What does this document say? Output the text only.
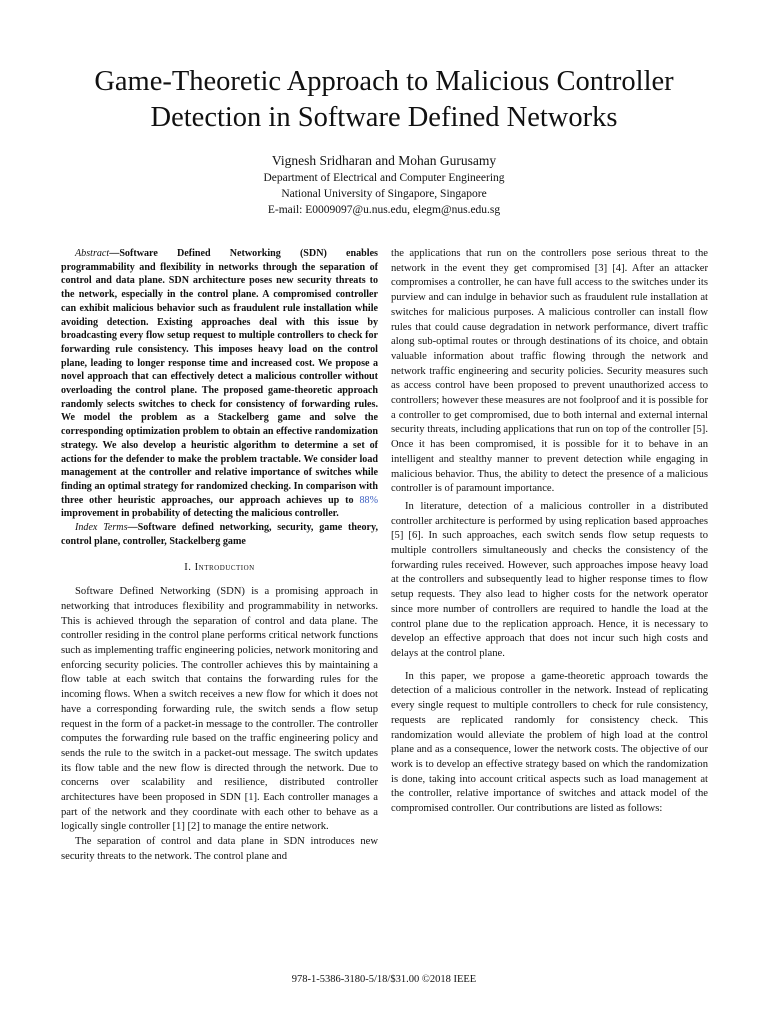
Game-Theoretic Approach to Malicious Controller
Detection in Software Defined Networks
Vignesh Sridharan and Mohan Gurusamy
Department of Electrical and Computer Engineering
National University of Singapore, Singapore
E-mail: E0009097@u.nus.edu, elegm@nus.edu.sg

Abstract—Software Defined Networking (SDN) enables programmability and flexibility in networks through the separation of control and data plane. SDN architecture poses new security threats to the network, especially in the control plane. A compromised controller can exhibit malicious behavior such as fraudulent rule installation while avoiding detection. Existing approaches deal with this issue by broadcasting every flow setup request to multiple controllers to check for forwarding rule consistency. This imposes heavy load on the control plane, leading to longer response time and increased cost. We propose a novel approach that can effectively detect a malicious controller without overloading the control plane. The proposed game-theoretic approach randomly selects switches to check for consistency of forwarding rules. We model the problem as a Stackelberg game and solve the corresponding optimization problem to obtain an effective randomization strategy. We also develop a heuristic algorithm to determine a set of actions for the defender to make the problem tractable. We consider load management at the controller and relative importance of switches while finding an optimal strategy for randomized checking. In comparison with three other heuristic approaches, our approach achieves up to 88% improvement in probability of detecting the malicious controller.

Index Terms—Software defined networking, security, game theory, control plane, controller, Stackelberg game

I. Introduction

Software Defined Networking (SDN) is a promising approach in networking that introduces flexibility and programmability in networks. This is achieved through the separation of control and data plane. The controller residing in the control plane performs critical network functions such as implementing traffic engineering policies, network monitoring and enforcing security policies. The controller achieves this by maintaining a flow table at each switch that contains the forwarding rules for the incoming flows. When a switch receives a new flow for which it does not have a corresponding forwarding rule, the switch sends a flow setup request in the form of a packet-in message to the controller. The controller computes the forwarding rule based on the traffic engineering policy and sends the rule to the switch in a packet-out message. The switch updates its flow table and the new flow is directed through the network. Due to concerns over scalability and resilience, distributed controller architectures have been proposed in SDN [1]. Each controller manages a part of the network and they coordinate with each other to behave as a logically single controller [1] [2] to manage the entire network.

The separation of control and data plane in SDN introduces new security threats to the network. The control plane and

the applications that run on the controllers pose serious threat to the network in the event they get compromised [3] [4]. After an attacker compromises a controller, he can have full access to the switches under its purview and can indulge in behavior such as fraudulent rule installation at switches for malicious purposes. A malicious controller can install flow rules that could cause degradation in network performance, divert traffic along sub-optimal routes or through destinations of its choice, and obtain valuable information about traffic flowing through the network and network traffic engineering and security policies. Security measures such as access control have been proposed to prevent unauthorized access to controllers; however these measures are not foolproof and it is possible for a controller to get compromised, due to both internal and external internal security threats, including applications that run on top of the controller [5]. Once it has been compromised, it is possible for it to behave in an intelligent and stealthy manner to prevent detection while engaging in malicious behavior. Thus, the ability to detect the presence of a malicious controller is of paramount importance.

In literature, detection of a malicious controller in a distributed controller architecture is performed by using replication based approaches [5] [6]. In such approaches, each switch sends flow setup requests to multiple controllers simultaneously and checks the consistency of the forwarding rules received. However, such approaches impose heavy load at the controllers and subsequently lead to higher response times to flow setup requests. They also lead to higher costs for the network operator since more number of controllers are required to handle the load at the control plane due to the replication approach. Hence, it is necessary to develop an effective approach that does not incur such high costs and delays at the control plane.

In this paper, we propose a game-theoretic approach towards the detection of a malicious controller in the network. Instead of replicating every single request to multiple controllers to check for rule consistency, requests are replicated randomly for consistency check. This randomization would alleviate the problem of high load at the control plane and as a consequence, lower the network costs. The objective of our work is to develop an effective strategy based on which the randomization is done, taking into account critical aspects such as load management at the controller, relative importance of switches and attack model of the compromised controller. Our contributions are listed as follows:

978-1-5386-3180-5/18/$31.00 ©2018 IEEE
